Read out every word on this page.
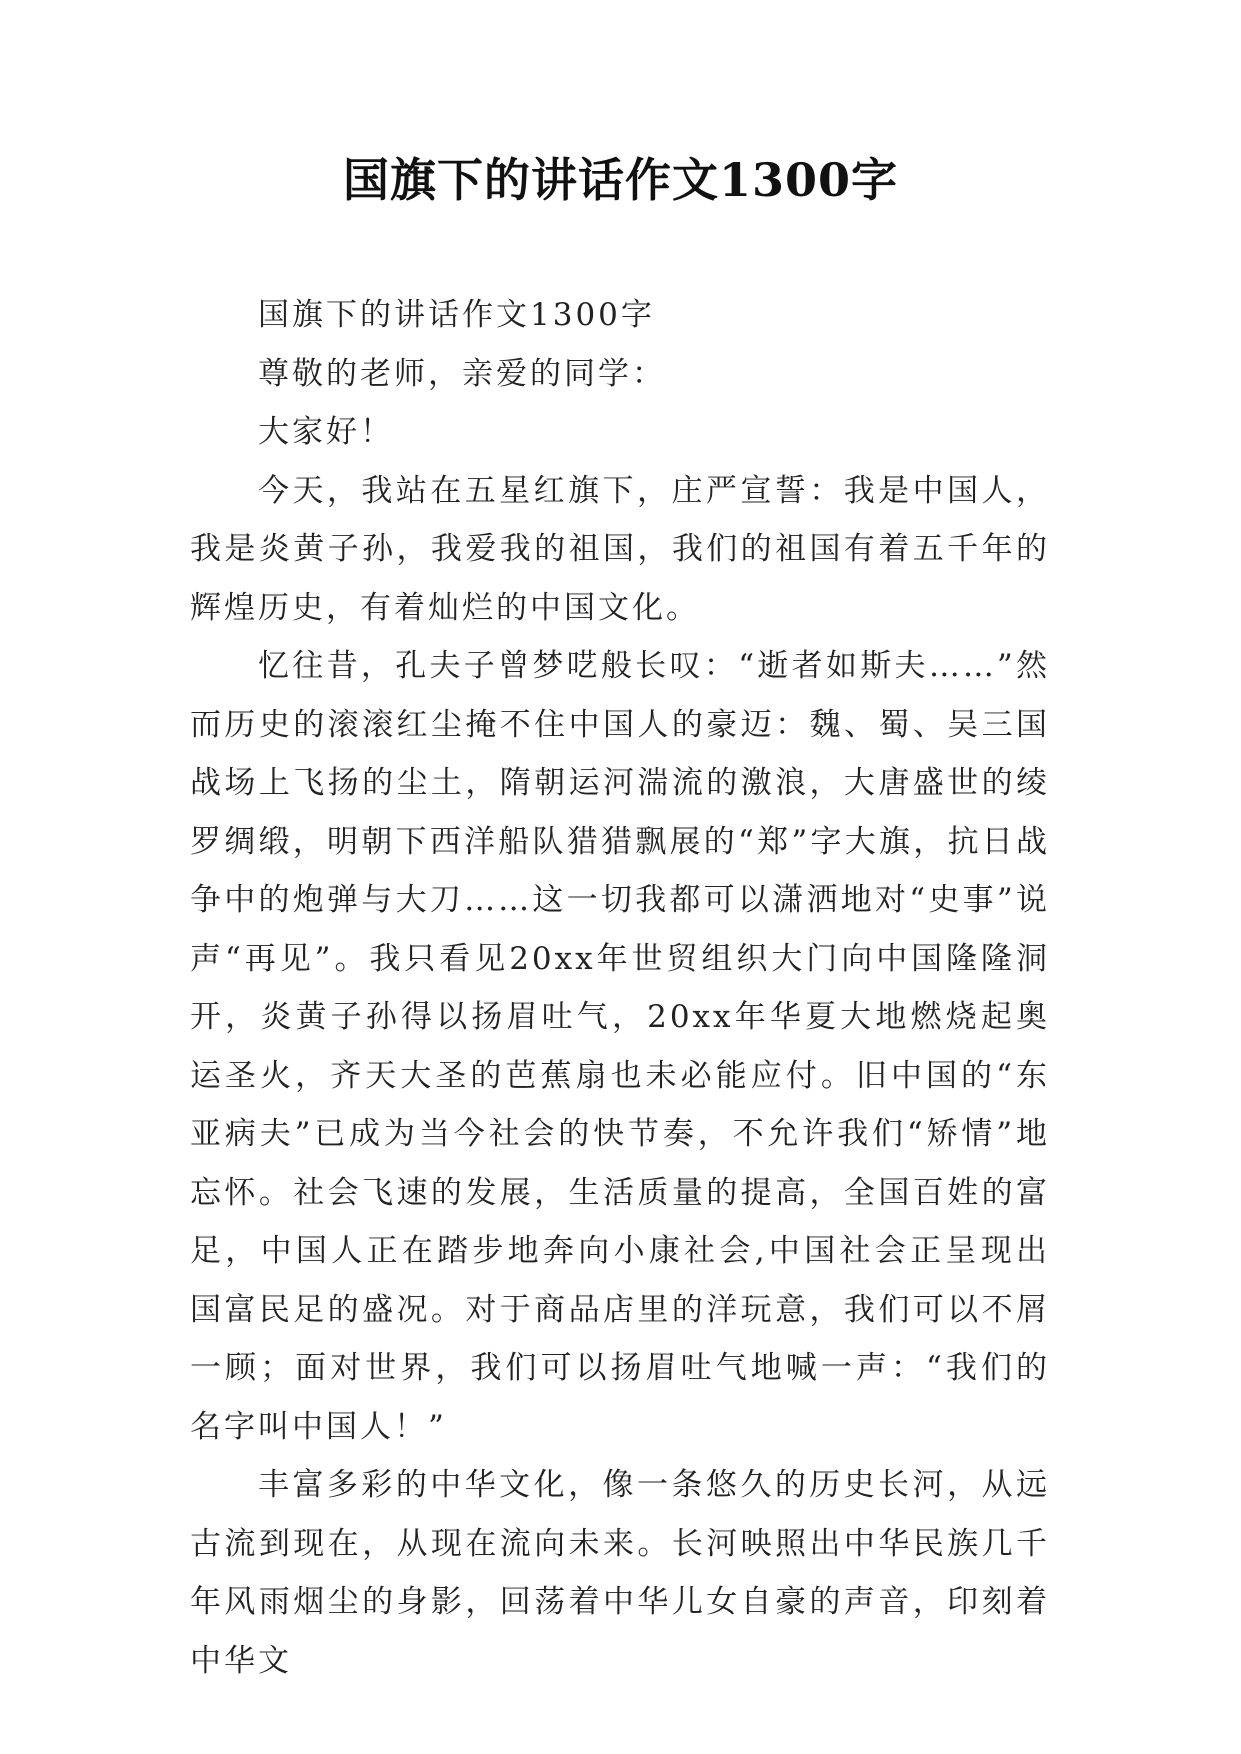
国旗下的讲话作文1300字

国旗下的讲话作文1300字

尊敬的老师，亲爱的同学：

大家好！

今天，我站在五星红旗下，庄严宣誓：我是中国人，我是炎黄子孙，我爱我的祖国，我们的祖国有着五千年的辉煌历史，有着灿烂的中国文化。

忆往昔，孔夫子曾梦呓般长叹：“逝者如斯夫……”然而历史的滚滚红尘掩不住中国人的豪迈：魏、蜀、吴三国战场上飞扬的尘土，隋朝运河湍流的激浪，大唐盛世的绫罗绸缎，明朝下西洋船队猎猎飘展的“郑”字大旗，抗日战争中的炮弹与大刀……这一切我都可以潇洒地对“史事”说声“再见”。我只看见20xx年世贸组织大门向中国隆隆洞开，炎黄子孙得以扬眉吐气，20xx年华夏大地燃烧起奥运圣火，齐天大圣的芭蕉扇也未必能应付。旧中国的“东亚病夫”已成为当今社会的快节奏，不允许我们“矫情”地忘怀。社会飞速的发展，生活质量的提高，全国百姓的富足，中国人正在踏步地奔向小康社会,中国社会正呈现出国富民足的盛况。对于商品店里的洋玩意，我们可以不屑一顾；面对世界，我们可以扬眉吐气地喊一声：“我们的名字叫中国人！”

丰富多彩的中华文化，像一条悠久的历史长河，从远古流到现在，从现在流向未来。长河映照出中华民族几千年风雨烟尘的身影，回荡着中华儿女自豪的声音，印刻着中华文
